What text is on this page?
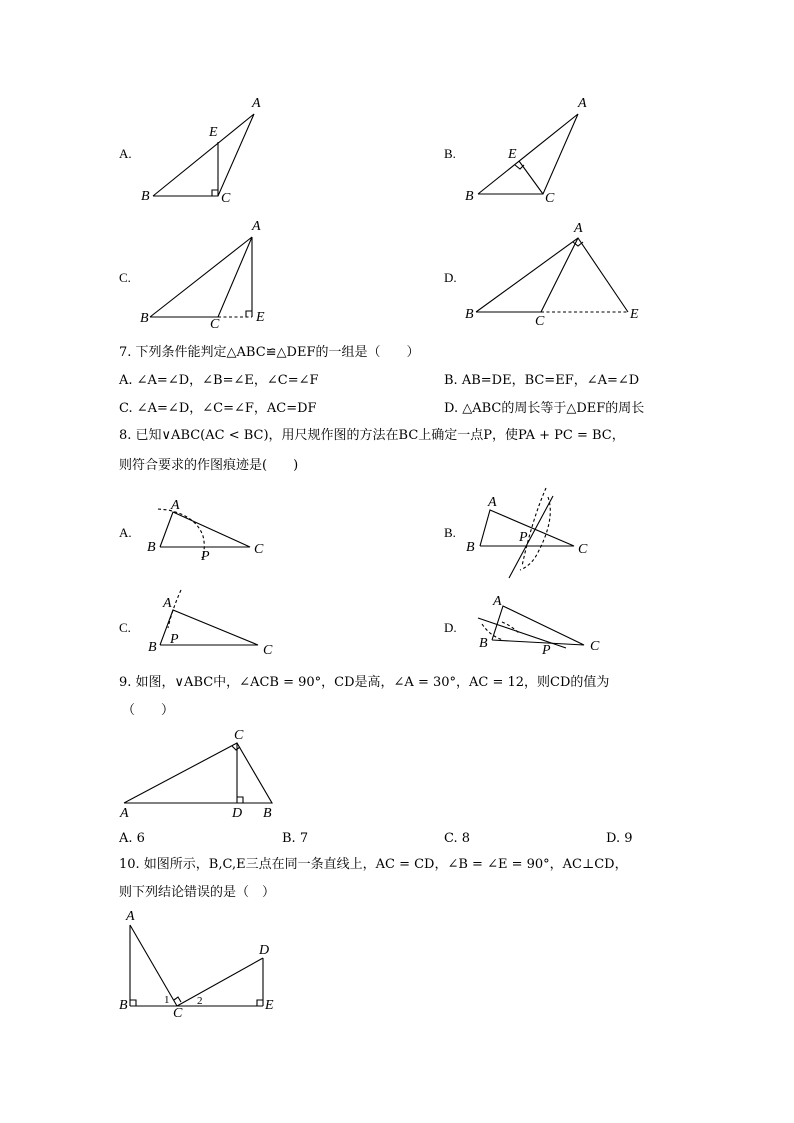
A.
A
E
B	C
B.
A
E
B	C
C.
A
B	C	E
D.
A
B	C	E
7. 下列条件能判定△ABC≌△DEF的一组是（　　）
A. ∠A=∠D，∠B=∠E，∠C=∠F	B. AB=DE，BC=EF，∠A=∠D
C. ∠A=∠D，∠C=∠F，AC=DF	D. △ABC的周长等于△DEF的周长
8. 已知∨ABC(AC < BC)，用尺规作图的方法在BC上确定一点P，使PA + PC = BC，
则符合要求的作图痕迹是(　　)
A.
A
B	C
P
B.
A
B	C
P
C.
A
B	C
P
D.
A
B	C
P
9. 如图，∨ABC中，∠ACB = 90°，CD是高，∠A = 30°，AC = 12，则CD的值为
（　　）
C
A	D B
A. 6	B. 7	C. 8	D. 9
10. 如图所示，B,C,E三点在同一条直线上，AC = CD，∠B = ∠E = 90°，AC⊥CD，
则下列结论错误的是（　）
A
D
B
C
E
1	2
